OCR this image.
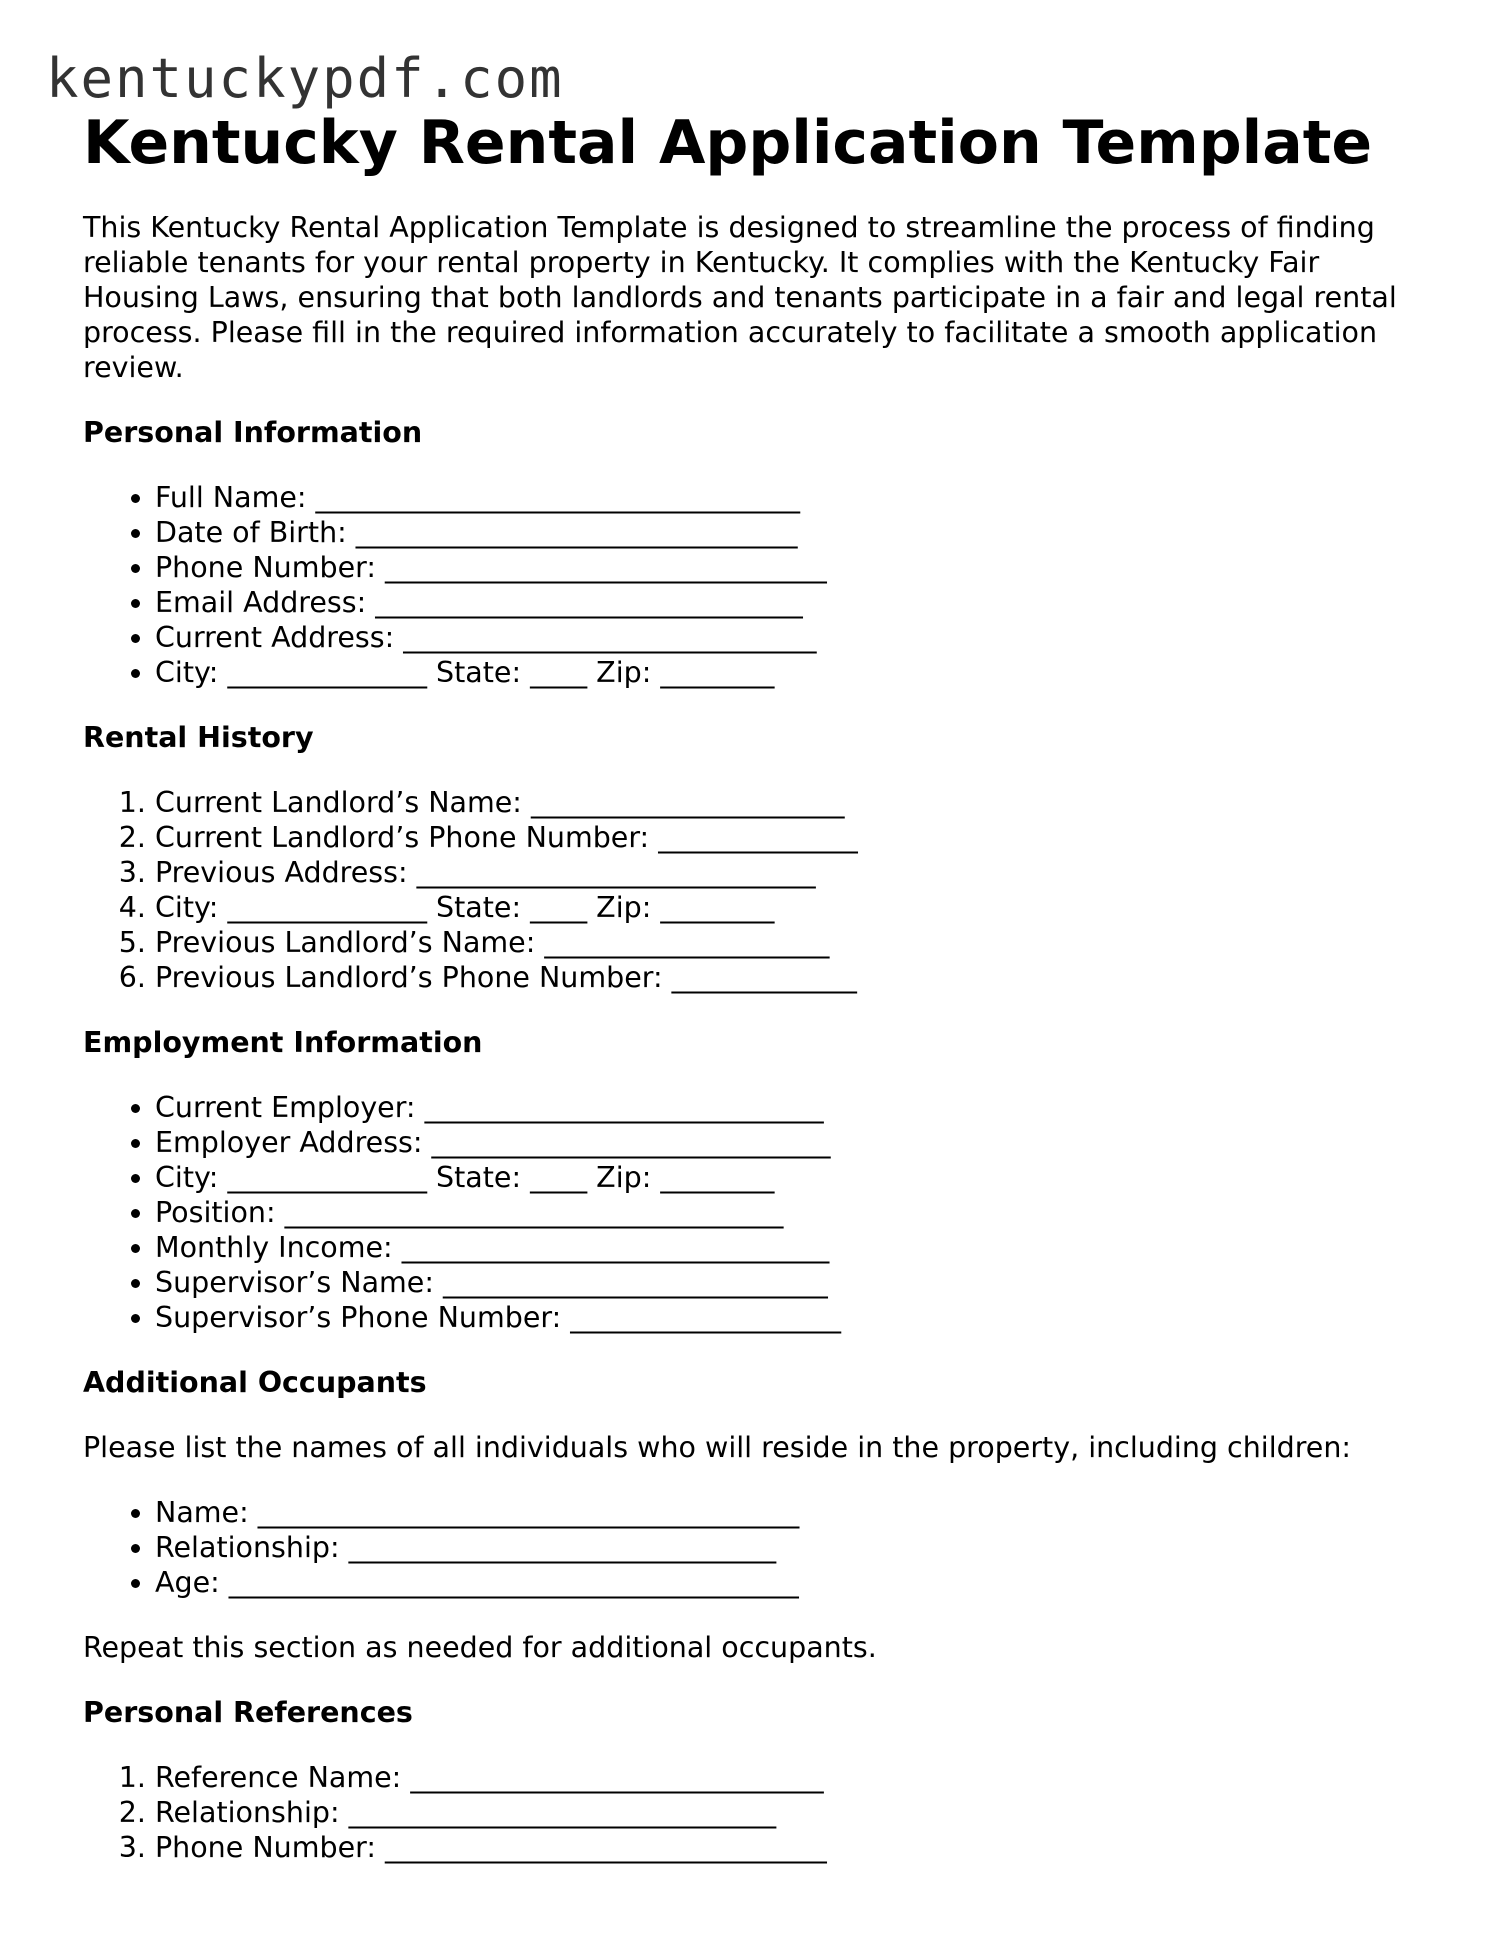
kentuckypdf.com
Kentucky Rental Application Template

This Kentucky Rental Application Template is designed to streamline the process of finding reliable tenants for your rental property in Kentucky. It complies with the Kentucky Fair Housing Laws, ensuring that both landlords and tenants participate in a fair and legal rental process. Please fill in the required information accurately to facilitate a smooth application review.

Personal Information
• Full Name: __________________________________
• Date of Birth: _______________________________
• Phone Number: _______________________________
• Email Address: ______________________________
• Current Address: _____________________________
• City: ______________ State: ____ Zip: ________
Rental History
1. Current Landlord’s Name: ______________________
2. Current Landlord’s Phone Number: ______________
3. Previous Address: ____________________________
4. City: ______________ State: ____ Zip: ________
5. Previous Landlord’s Name: ____________________
6. Previous Landlord’s Phone Number: _____________
Employment Information
• Current Employer: ____________________________
• Employer Address: ____________________________
• City: ______________ State: ____ Zip: ________
• Position: ___________________________________
• Monthly Income: ______________________________
• Supervisor’s Name: ___________________________
• Supervisor’s Phone Number: ___________________
Additional Occupants

Please list the names of all individuals who will reside in the property, including children:

• Name: ______________________________________
• Relationship: ______________________________
• Age: ________________________________________

Repeat this section as needed for additional occupants.

Personal References
1. Reference Name: _____________________________
2. Relationship: ______________________________
3. Phone Number: _______________________________
